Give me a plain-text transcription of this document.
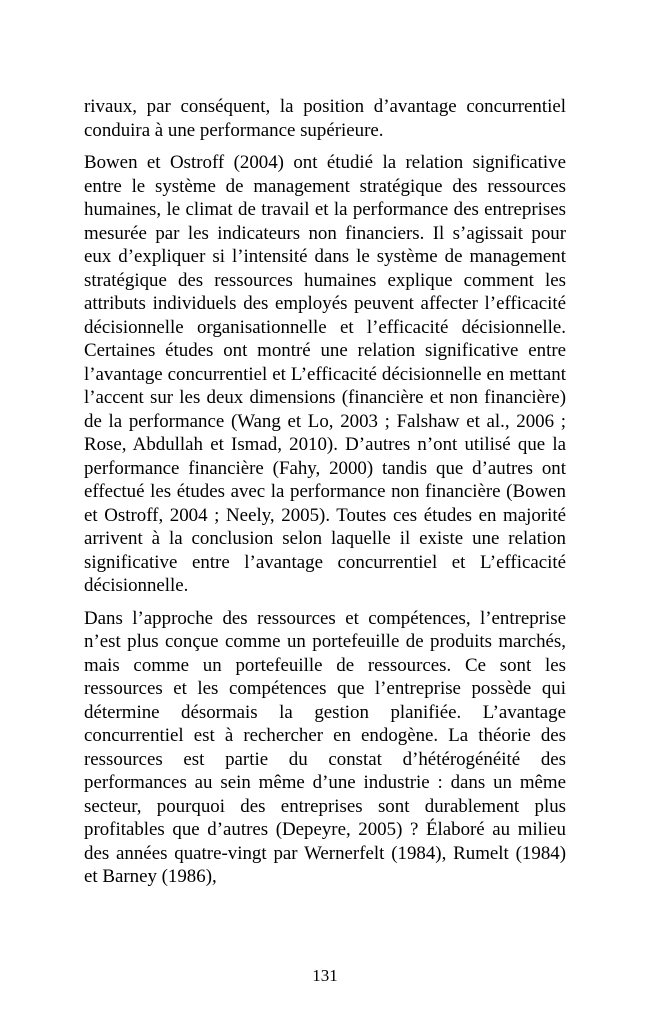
rivaux, par conséquent, la position d’avantage concurrentiel conduira à une performance supérieure.

Bowen et Ostroff (2004) ont étudié la relation significative entre le système de management stratégique des ressources humaines, le climat de travail et la performance des entreprises mesurée par les indicateurs non financiers. Il s’agissait pour eux d’expliquer si l’intensité dans le système de management stratégique des ressources humaines explique comment les attributs individuels des employés peuvent affecter l’efficacité décisionnelle organisationnelle et l’efficacité décisionnelle. Certaines études ont montré une relation significative entre l’avantage concurrentiel et L’efficacité décisionnelle en mettant l’accent sur les deux dimensions (financière et non financière) de la performance (Wang et Lo, 2003 ; Falshaw et al., 2006 ; Rose, Abdullah et Ismad, 2010). D’autres n’ont utilisé que la performance financière (Fahy, 2000) tandis que d’autres ont effectué les études avec la performance non financière (Bowen et Ostroff, 2004 ; Neely, 2005). Toutes ces études en majorité arrivent à la conclusion selon laquelle il existe une relation significative entre l’avantage concurrentiel et L’efficacité décisionnelle.

Dans l’approche des ressources et compétences, l’entreprise n’est plus conçue comme un portefeuille de produits marchés, mais comme un portefeuille de ressources. Ce sont les ressources et les compétences que l’entreprise possède qui détermine désormais la gestion planifiée. L’avantage concurrentiel est à rechercher en endogène. La théorie des ressources est partie du constat d’hétérogénéité des performances au sein même d’une industrie : dans un même secteur, pourquoi des entreprises sont durablement plus profitables que d’autres (Depeyre, 2005) ? Élaboré au milieu des années quatre-vingt par Wernerfelt (1984), Rumelt (1984) et Barney (1986),

131
